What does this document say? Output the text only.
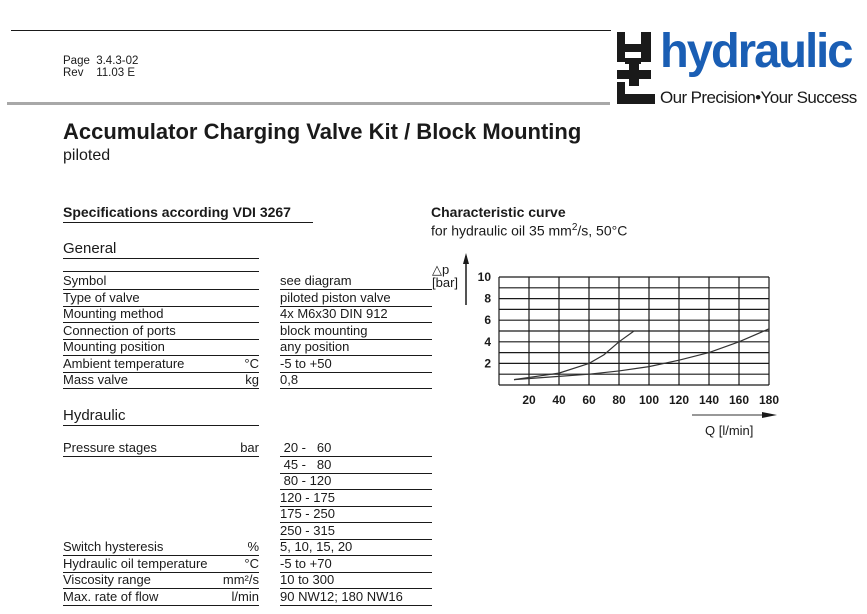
Page 3.4.3-02
Rev 11.03 E	hydraulic
Our Precision•Your Success
Accumulator Charging Valve Kit / Block Mounting
piloted
Specifications according VDI 3267
General
Symbol	see diagram
Type of valve	piloted piston valve
Mounting method	4x M6x30 DIN 912
Connection of ports	block mounting
Mounting position	any position
Ambient temperature	°C -5 to +50
Mass valve	kg 0,8
Hydraulic
Pressure stages	bar 20 -   60
45 -   80
80 - 120
120 - 175
175 - 250
250 - 315
Switch hysteresis	% 5, 10, 15, 20
Hydraulic oil temperature	°C -5 to +70
Viscosity range	mm²/s 10 to 300
Max. rate of flow	l/min 90 NW12; 180 NW16
Characteristic curve
for hydraulic oil 35 $mm^2/s$, 50°C
△p
[bar]
20 40 60 80 100 120 140 160 180
10
8
6
4
2
Q [l/min]
